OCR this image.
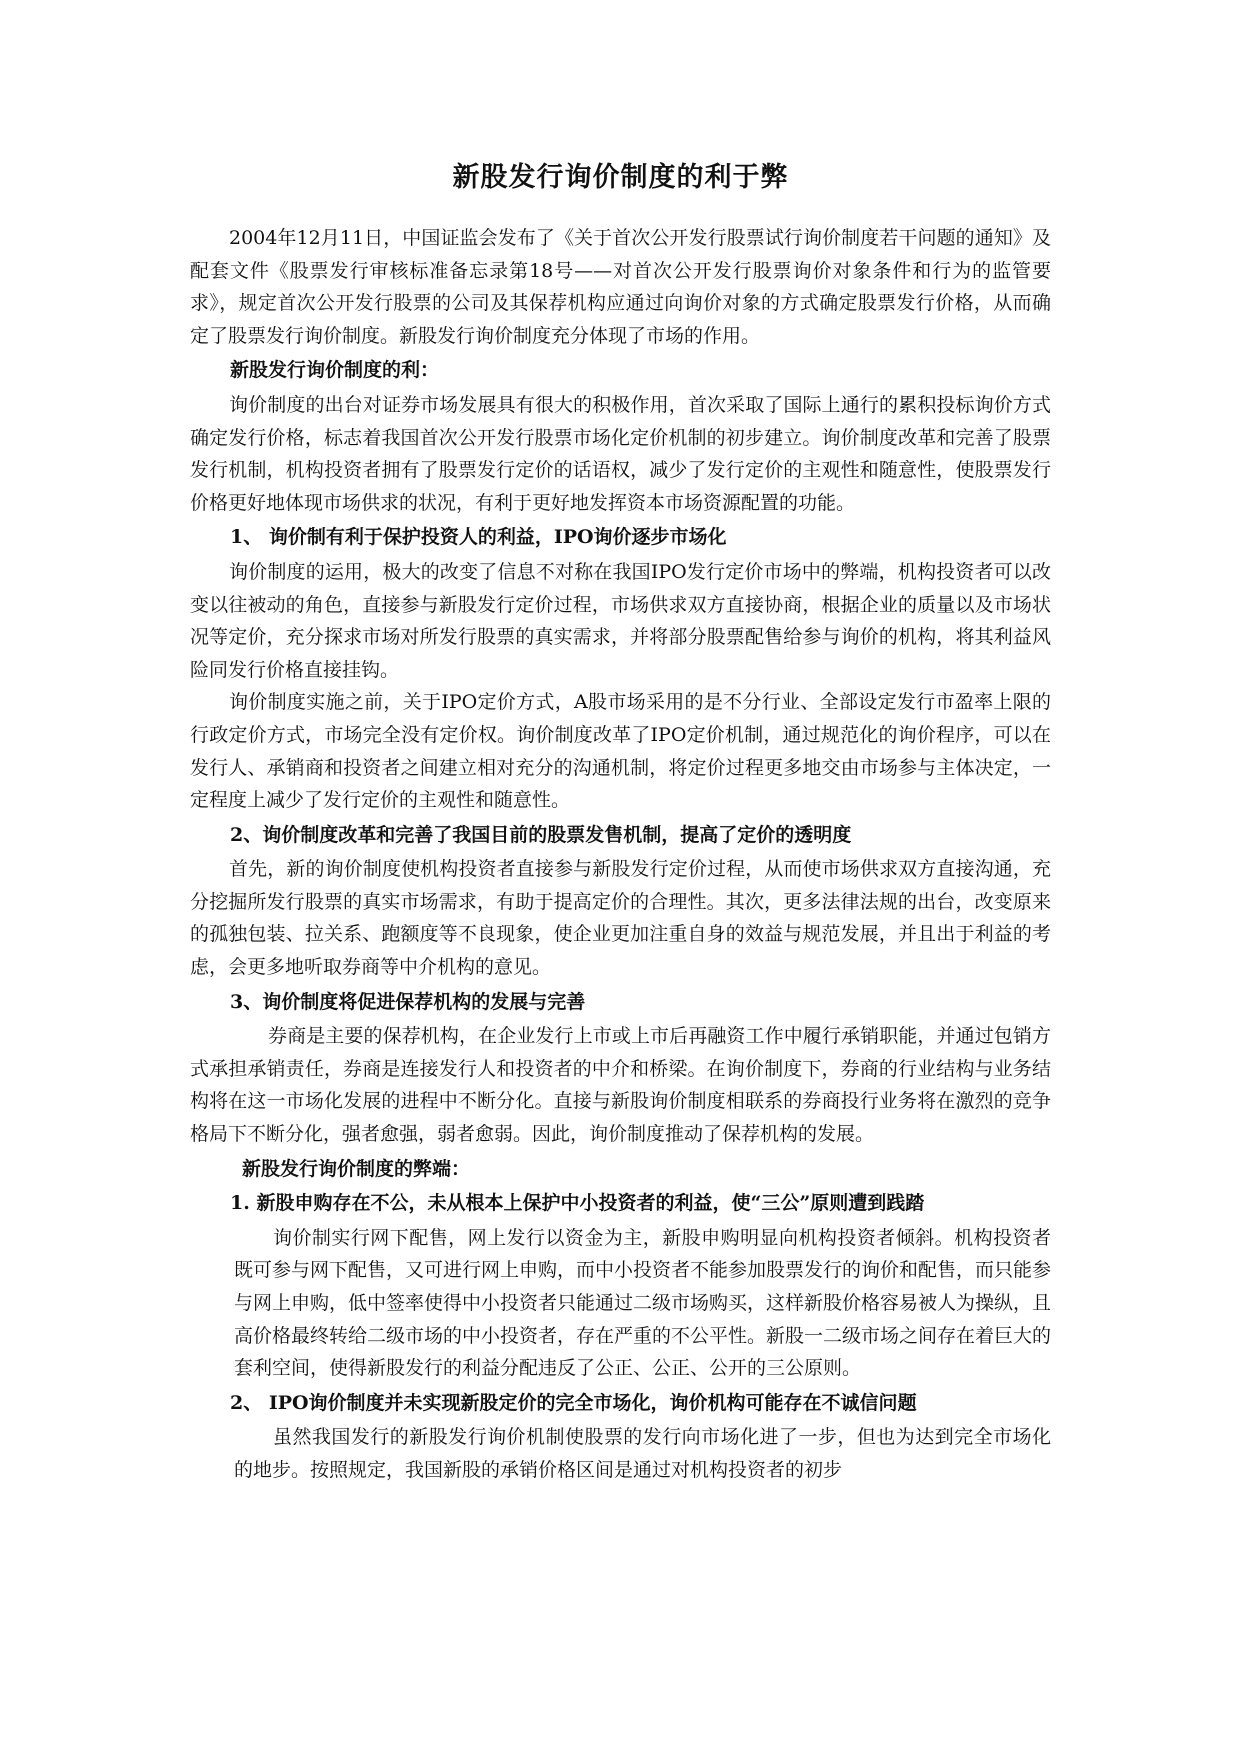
新股发行询价制度的利于弊

2004年12月11日，中国证监会发布了《关于首次公开发行股票试行询价制度若干问题的通知》及配套文件《股票发行审核标准备忘录第18号——对首次公开发行股票询价对象条件和行为的监管要求》，规定首次公开发行股票的公司及其保荐机构应通过向询价对象的方式确定股票发行价格，从而确定了股票发行询价制度。新股发行询价制度充分体现了市场的作用。

新股发行询价制度的利：

询价制度的出台对证券市场发展具有很大的积极作用，首次采取了国际上通行的累积投标询价方式确定发行价格，标志着我国首次公开发行股票市场化定价机制的初步建立。询价制度改革和完善了股票发行机制，机构投资者拥有了股票发行定价的话语权，减少了发行定价的主观性和随意性，使股票发行价格更好地体现市场供求的状况，有利于更好地发挥资本市场资源配置的功能。

1、 询价制有利于保护投资人的利益，IPO询价逐步市场化

询价制度的运用，极大的改变了信息不对称在我国IPO发行定价市场中的弊端，机构投资者可以改变以往被动的角色，直接参与新股发行定价过程，市场供求双方直接协商，根据企业的质量以及市场状况等定价，充分探求市场对所发行股票的真实需求，并将部分股票配售给参与询价的机构，将其利益风险同发行价格直接挂钩。

询价制度实施之前，关于IPO定价方式，A股市场采用的是不分行业、全部设定发行市盈率上限的行政定价方式，市场完全没有定价权。询价制度改革了IPO定价机制，通过规范化的询价程序，可以在发行人、承销商和投资者之间建立相对充分的沟通机制，将定价过程更多地交由市场参与主体决定，一定程度上减少了发行定价的主观性和随意性。

2、询价制度改革和完善了我国目前的股票发售机制，提高了定价的透明度

首先，新的询价制度使机构投资者直接参与新股发行定价过程，从而使市场供求双方直接沟通，充分挖掘所发行股票的真实市场需求，有助于提高定价的合理性。其次，更多法律法规的出台，改变原来的孤独包装、拉关系、跑额度等不良现象，使企业更加注重自身的效益与规范发展，并且出于利益的考虑，会更多地听取券商等中介机构的意见。

3、询价制度将促进保荐机构的发展与完善

券商是主要的保荐机构，在企业发行上市或上市后再融资工作中履行承销职能，并通过包销方式承担承销责任，券商是连接发行人和投资者的中介和桥梁。在询价制度下，券商的行业结构与业务结构将在这一市场化发展的进程中不断分化。直接与新股询价制度相联系的券商投行业务将在激烈的竞争格局下不断分化，强者愈强，弱者愈弱。因此，询价制度推动了保荐机构的发展。

新股发行询价制度的弊端：
1. 新股申购存在不公，未从根本上保护中小投资者的利益，使“三公”原则遭到践踏

询价制实行网下配售，网上发行以资金为主，新股申购明显向机构投资者倾斜。机构投资者既可参与网下配售，又可进行网上申购，而中小投资者不能参加股票发行的询价和配售，而只能参与网上申购，低中签率使得中小投资者只能通过二级市场购买，这样新股价格容易被人为操纵，且高价格最终转给二级市场的中小投资者，存在严重的不公平性。新股一二级市场之间存在着巨大的套利空间，使得新股发行的利益分配违反了公正、公正、公开的三公原则。

2、 IPO询价制度并未实现新股定价的完全市场化，询价机构可能存在不诚信问题

虽然我国发行的新股发行询价机制使股票的发行向市场化进了一步，但也为达到完全市场化的地步。按照规定，我国新股的承销价格区间是通过对机构投资者的初步
